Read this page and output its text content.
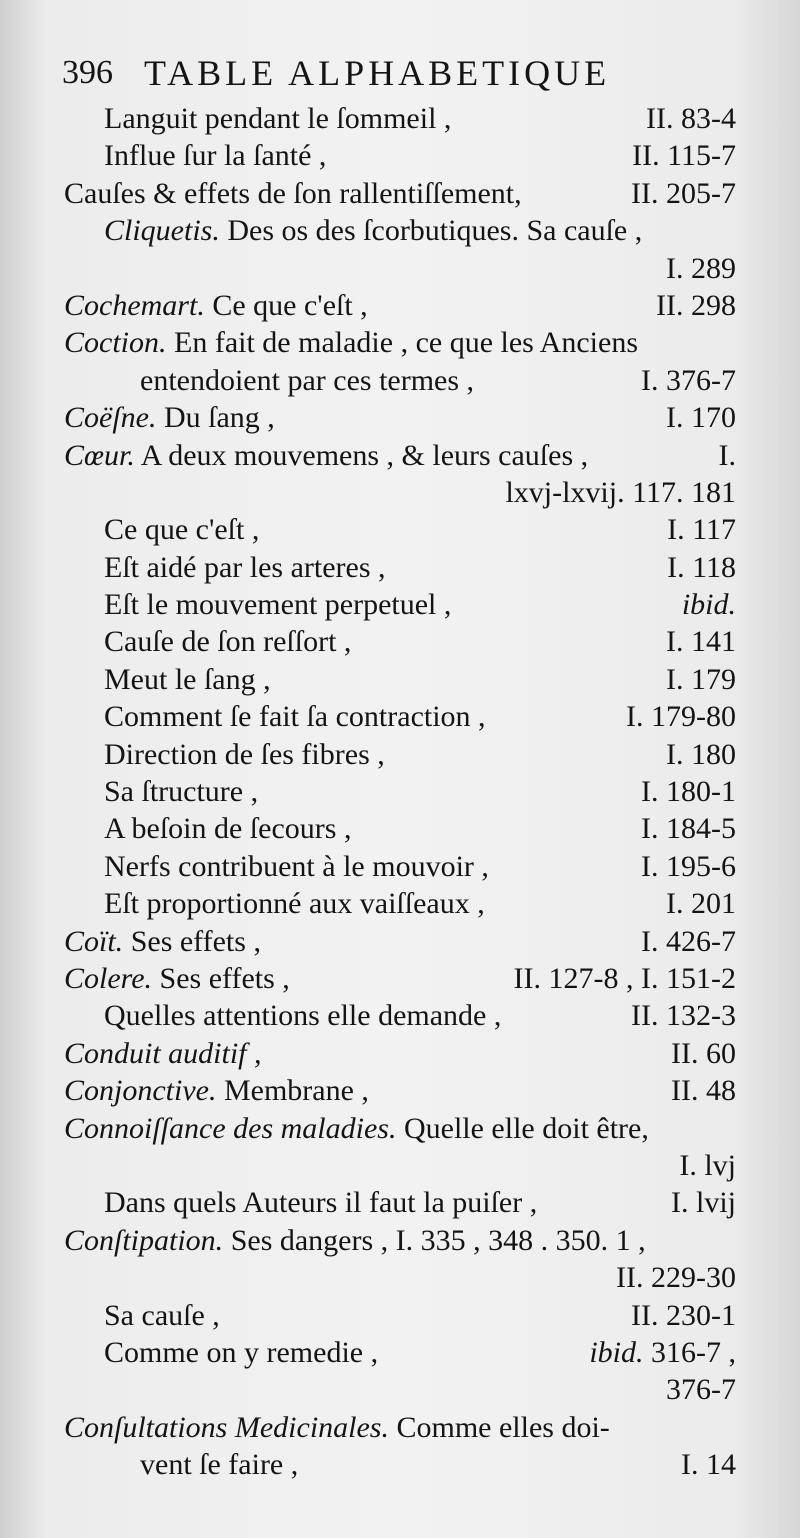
396 TABLE ALPHABETIQUE
Languit pendant le ſommeil ,	II. 83-4
Influe ſur la ſanté ,	II. 115-7
Cauſes & effets de ſon rallentiſſement,	II. 205-7
Cliquetis. Des os des ſcorbutiques. Sa cauſe ,
I. 289
Cochemart. Ce que c'eſt ,	II. 298
Coction. En fait de maladie , ce que les Anciens
entendoient par ces termes ,	I. 376-7
Coëſne. Du ſang ,	I. 170
Cœur. A deux mouvemens , & leurs cauſes ,	I.
lxvj-lxvij. 117. 181
Ce que c'eſt ,	I. 117
Eſt aidé par les arteres ,	I. 118
Eſt le mouvement perpetuel ,	ibid.
Cauſe de ſon reſſort ,	I. 141
Meut le ſang ,	I. 179
Comment ſe fait ſa contraction ,	I. 179-80
Direction de ſes fibres ,	I. 180
Sa ſtructure ,	I. 180-1
A beſoin de ſecours ,	I. 184-5
Nerfs contribuent à le mouvoir ,	I. 195-6
Eſt proportionné aux vaiſſeaux ,	I. 201
Coït. Ses effets ,	I. 426-7
Colere. Ses effets ,	II. 127-8 , I. 151-2
Quelles attentions elle demande ,	II. 132-3
Conduit auditif ,	II. 60
Conjonctive. Membrane ,	II. 48
Connoiſſance des maladies. Quelle elle doit être,
I. lvj
Dans quels Auteurs il faut la puiſer ,	I. lvij
Conſtipation. Ses dangers , I. 335 , 348 . 350. 1 ,
II. 229-30
Sa cauſe ,	II. 230-1
Comme on y remedie ,	ibid. 316-7 ,
376-7
Conſultations Medicinales. Comme elles doi-
vent ſe faire ,	I. 14
